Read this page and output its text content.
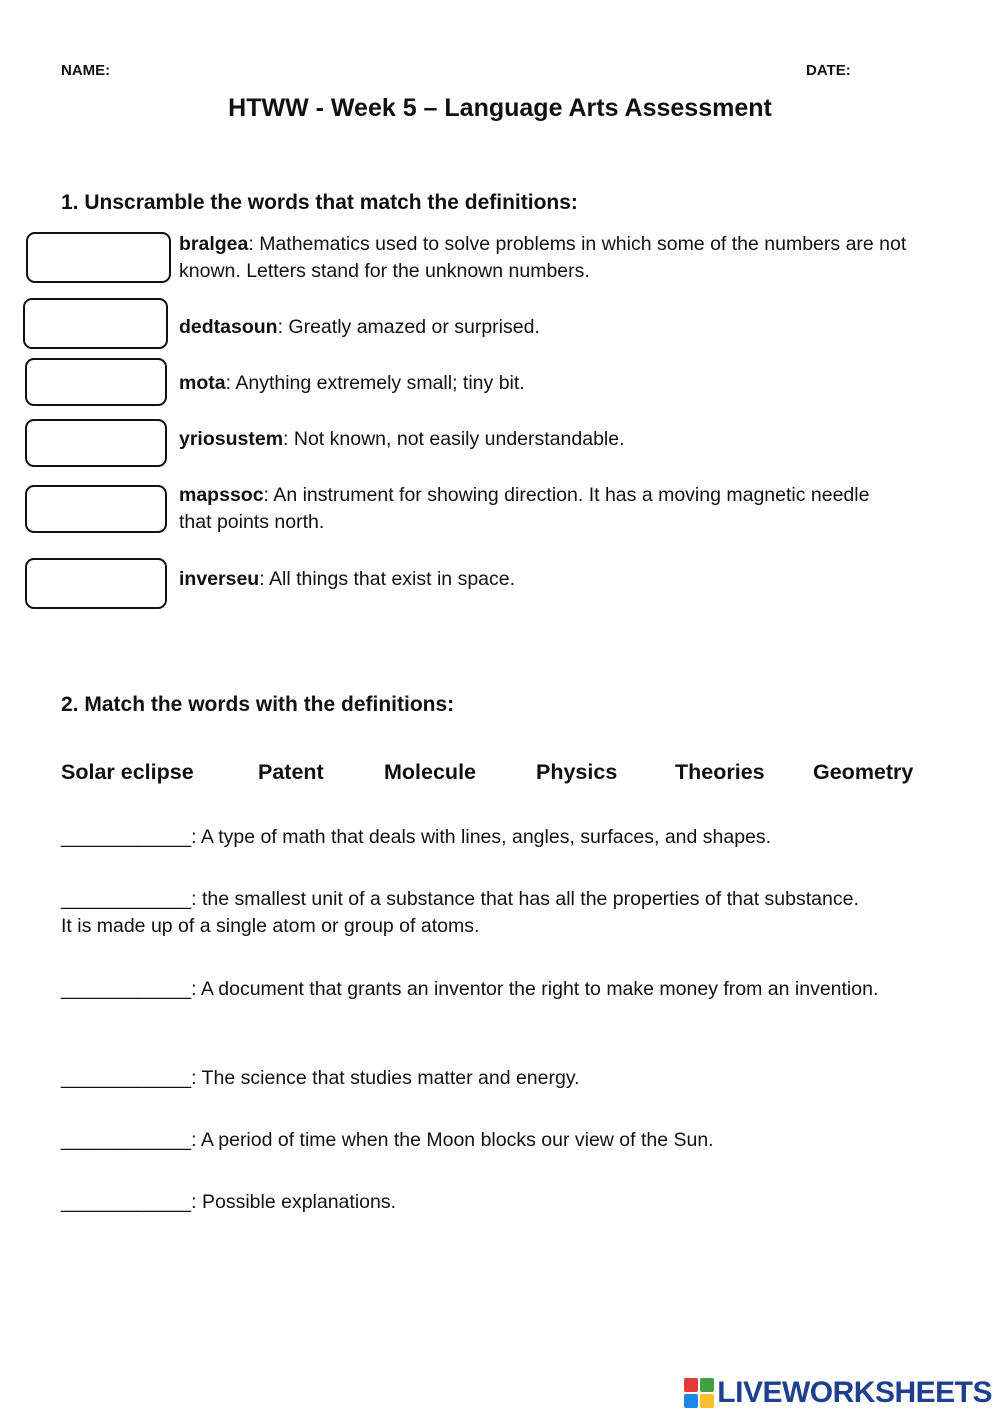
NAME:	DATE:
HTWW - Week 5 – Language Arts Assessment
1. Unscramble the words that match the definitions:
bralgea: Mathematics used to solve problems in which some of the numbers are not known. Letters stand for the unknown numbers.
dedtasoun: Greatly amazed or surprised.
mota: Anything extremely small; tiny bit.
yriosustem: Not known, not easily understandable.
mapssoc: An instrument for showing direction. It has a moving magnetic needle that points north.
inverseu: All things that exist in space.
2. Match the words with the definitions:
Solar eclipse	Patent	Molecule	Physics	Theories Geometry
____________: A type of math that deals with lines, angles, surfaces, and shapes.
____________: the smallest unit of a substance that has all the properties of that substance. It is made up of a single atom or group of atoms.
____________: A document that grants an inventor the right to make money from an invention.
____________: The science that studies matter and energy.
____________: A period of time when the Moon blocks our view of the Sun.
____________: Possible explanations.
LIVEWORKSHEETS
